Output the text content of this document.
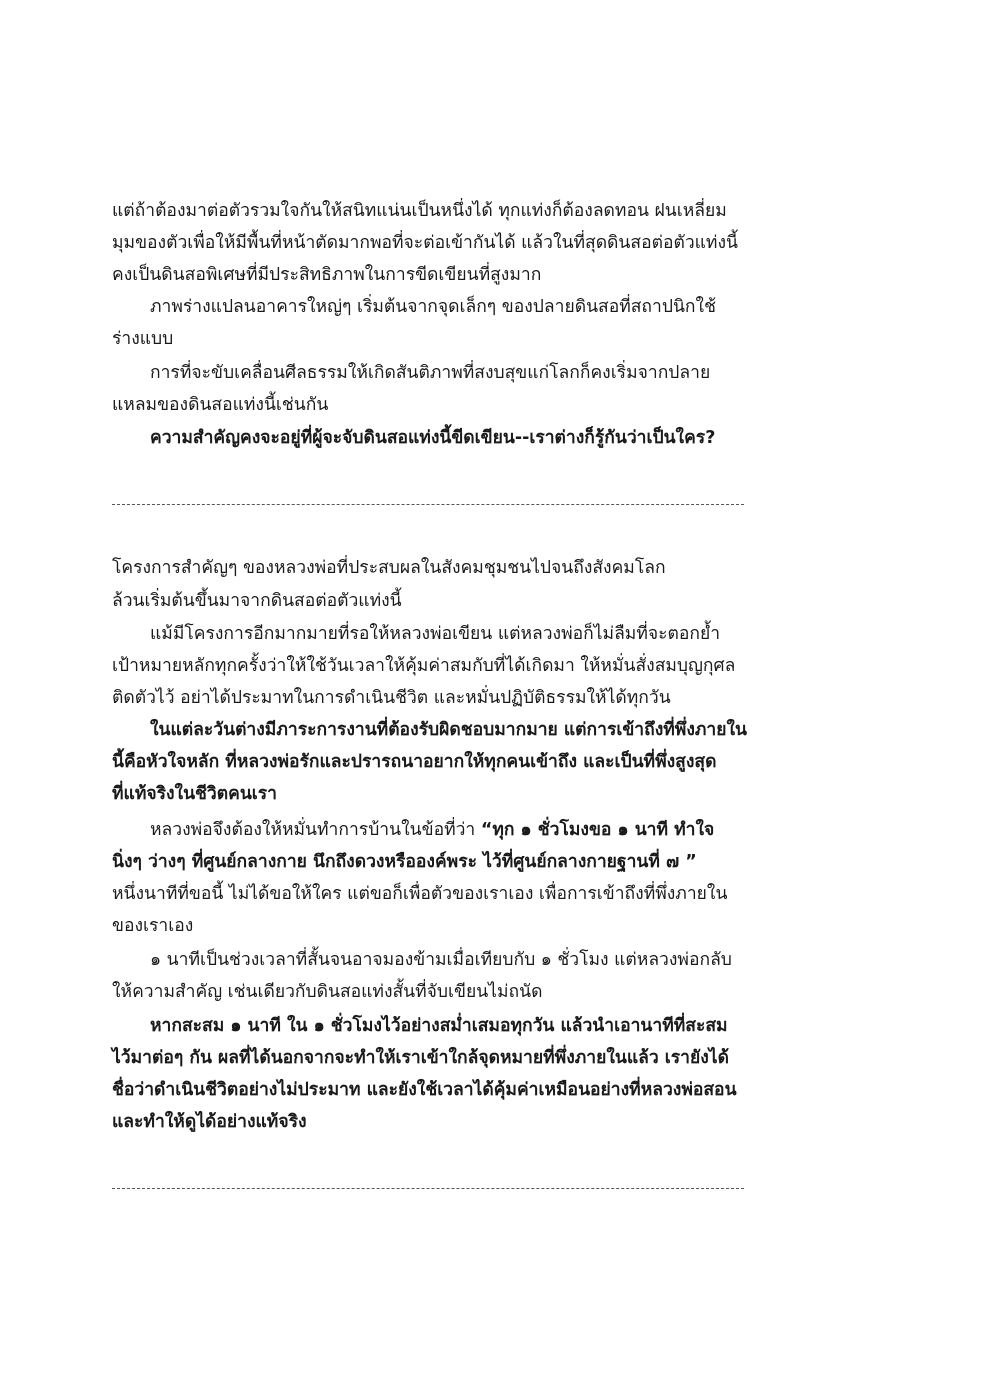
แต่ถ้าต้องมาต่อตัวรวมใจกันให้สนิทแน่นเป็นหนึ่งได้ ทุกแท่งก็ต้องลดทอน ฝนเหลี่ยม
มุมของตัวเพื่อให้มีพื้นที่หน้าตัดมากพอที่จะต่อเข้ากันได้ แล้วในที่สุดดินสอต่อตัวแท่งนี้
คงเป็นดินสอพิเศษที่มีประสิทธิภาพในการขีดเขียนที่สูงมาก
ภาพร่างแปลนอาคารใหญ่ๆ เริ่มต้นจากจุดเล็กๆ ของปลายดินสอที่สถาปนิกใช้
ร่างแบบ
การที่จะขับเคลื่อนศีลธรรมให้เกิดสันติภาพที่สงบสุขแก่โลกก็คงเริ่มจากปลาย
แหลมของดินสอแท่งนี้เช่นกัน
ความสำคัญคงจะอยู่ที่ผู้จะจับดินสอแท่งนี้ขีดเขียน--เราต่างก็รู้กันว่าเป็นใคร?
โครงการสำคัญๆ ของหลวงพ่อที่ประสบผลในสังคมชุมชนไปจนถึงสังคมโลก
ล้วนเริ่มต้นขึ้นมาจากดินสอต่อตัวแท่งนี้
แม้มีโครงการอีกมากมายที่รอให้หลวงพ่อเขียน แต่หลวงพ่อก็ไม่ลืมที่จะตอกย้ำ
เป้าหมายหลักทุกครั้งว่าให้ใช้วันเวลาให้คุ้มค่าสมกับที่ได้เกิดมา ให้หมั่นสั่งสมบุญกุศล
ติดตัวไว้ อย่าได้ประมาทในการดำเนินชีวิต และหมั่นปฏิบัติธรรมให้ได้ทุกวัน
ในแต่ละวันต่างมีภาระการงานที่ต้องรับผิดชอบมากมาย แต่การเข้าถึงที่พึ่งภายใน
นี้คือหัวใจหลัก ที่หลวงพ่อรักและปรารถนาอยากให้ทุกคนเข้าถึง และเป็นที่พึ่งสูงสุด
ที่แท้จริงในชีวิตคนเรา
หลวงพ่อจึงต้องให้หมั่นทำการบ้านในข้อที่ว่า “ทุก ๑ ชั่วโมงขอ ๑ นาที ทำใจ
นิ่งๆ ว่างๆ ที่ศูนย์กลางกาย นึกถึงดวงหรือองค์พระ ไว้ที่ศูนย์กลางกายฐานที่ ๗ ”
หนึ่งนาทีที่ขอนี้ ไม่ได้ขอให้ใคร แต่ขอก็เพื่อตัวของเราเอง เพื่อการเข้าถึงที่พึ่งภายใน
ของเราเอง
๑ นาทีเป็นช่วงเวลาที่สั้นจนอาจมองข้ามเมื่อเทียบกับ ๑ ชั่วโมง แต่หลวงพ่อกลับ
ให้ความสำคัญ เช่นเดียวกับดินสอแท่งสั้นที่จับเขียนไม่ถนัด
หากสะสม ๑ นาที ใน ๑ ชั่วโมงไว้อย่างสม่ำเสมอทุกวัน แล้วนำเอานาทีที่สะสม
ไว้มาต่อๆ กัน ผลที่ได้นอกจากจะทำให้เราเข้าใกล้จุดหมายที่พึ่งภายในแล้ว เรายังได้
ชื่อว่าดำเนินชีวิตอย่างไม่ประมาท และยังใช้เวลาได้คุ้มค่าเหมือนอย่างที่หลวงพ่อสอน
และทำให้ดูได้อย่างแท้จริง
